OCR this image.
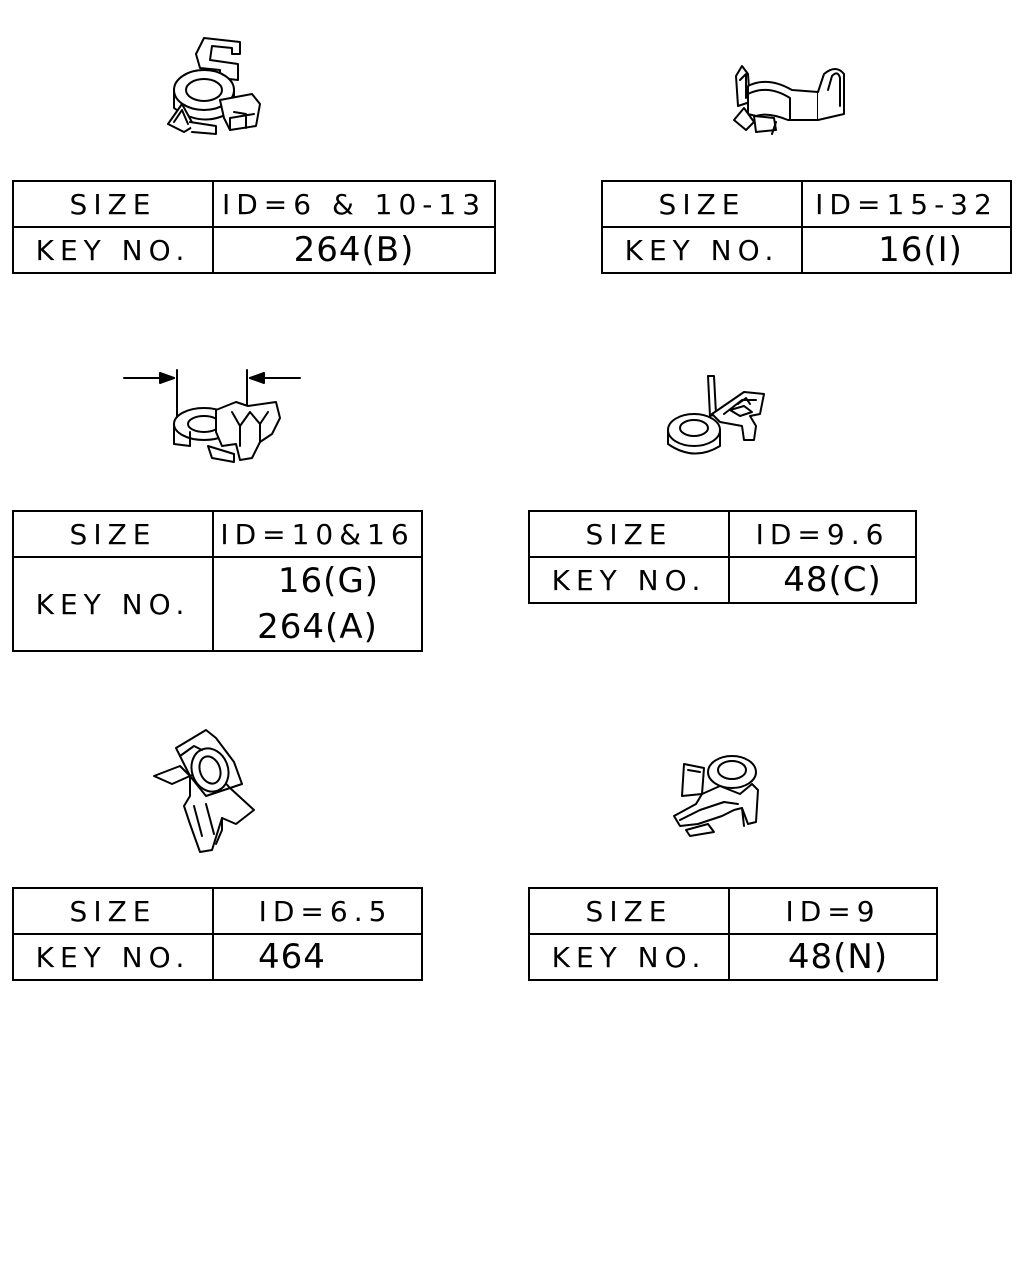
SIZE	ID=6 & 10-13
KEY NO.	264(B)
SIZE	ID=15-32
KEY NO.	16(I)
SIZE	ID=10&16
KEY NO.	16(G)
264(A)
SIZE	ID=9.6
KEY NO.	48(C)
SIZE	ID=6.5
KEY NO.	464
SIZE	ID=9
KEY NO.	48(N)
